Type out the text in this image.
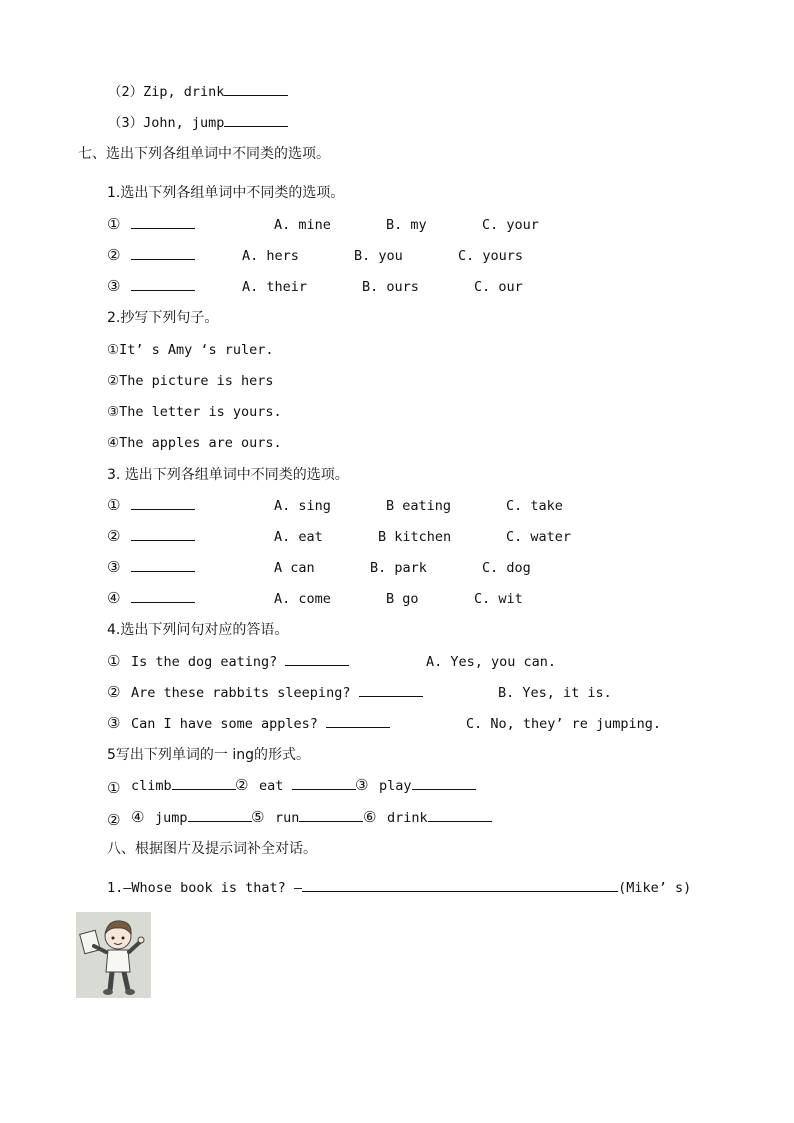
（2）Zip, drink
（3）John, jump
七、选出下列各组单词中不同类的选项。
1.选出下列各组单词中不同类的选项。
①	A. mine	B. my	C. your
②	A. hers	B. you	C. yours
③	A. their	B. ours	C. our
2.抄写下列句子。
①It’ s Amy ‘s ruler.
②The picture is hers
③The letter is yours.
④The apples are ours.
3. 选出下列各组单词中不同类的选项。
①	A. sing	B eating	C. take
②	A. eat	B kitchen	C. water
③	A can	B. park	C. dog
④	A. come	B go	C. wit
4.选出下列问句对应的答语。
① Is the dog eating?	A. Yes, you can.
② Are these rabbits sleeping?	B. Yes, it is.
③ Can I have some apples?	C. No, they’ re jumping.
5写出下列单词的一 ing的形式。
① climb	② eat	③ play
② ④ jump	⑤ run	⑥ drink
八、根据图片及提示词补全对话。
1.—Whose book is that? —	(Mike’ s)
